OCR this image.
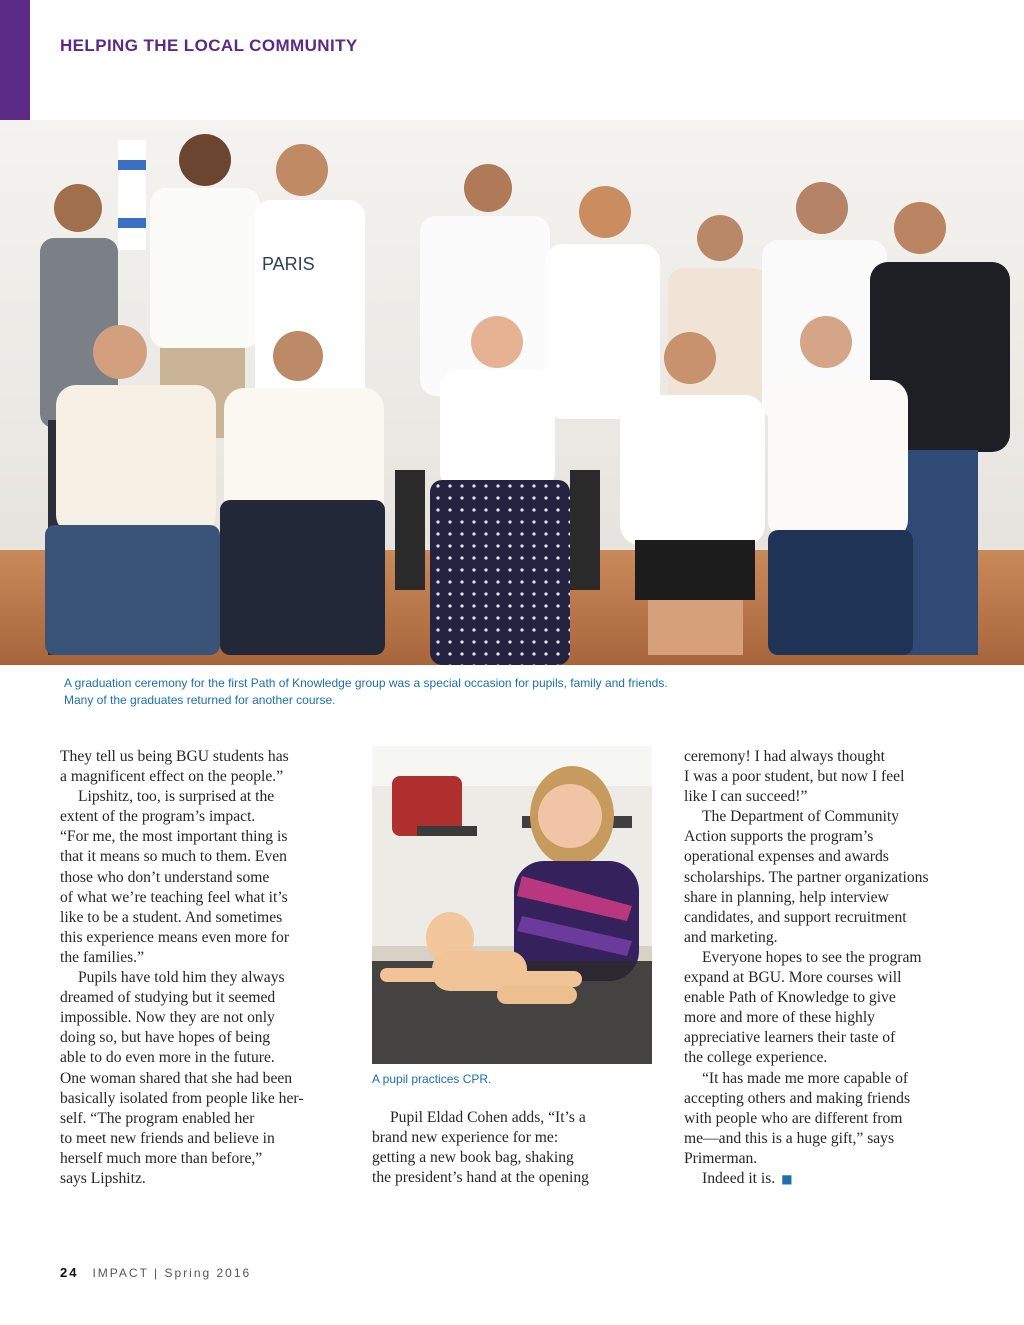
HELPING THE LOCAL COMMUNITY
PARIS

A graduation ceremony for the first Path of Knowledge group was a special occasion for pupils, family and friends.
Many of the graduates returned for another course.

They tell us being BGU students has
a magnificent effect on the people.”

Lipshitz, too, is surprised at the
extent of the program’s impact.

“For me, the most important thing is
that it means so much to them. Even
those who don’t understand some
of what we’re teaching feel what it’s
like to be a student. And sometimes
this experience means even more for
the families.”

Pupils have told him they always
dreamed of studying but it seemed
impossible. Now they are not only
doing so, but have hopes of being
able to do even more in the future.

One woman shared that she had been
basically isolated from people like her-
self. “The program enabled her
to meet new friends and believe in
herself much more than before,”
says Lipshitz.

A pupil practices CPR.

Pupil Eldad Cohen adds, “It’s a
brand new experience for me:
getting a new book bag, shaking
the president’s hand at the opening

ceremony! I had always thought
I was a poor student, but now I feel
like I can succeed!”

The Department of Community
Action supports the program’s
operational expenses and awards
scholarships. The partner organizations
share in planning, help interview
candidates, and support recruitment
and marketing.

Everyone hopes to see the program
expand at BGU. More courses will
enable Path of Knowledge to give
more and more of these highly
appreciative learners their taste of
the college experience.

“It has made me more capable of
accepting others and making friends
with people who are different from
me—and this is a huge gift,” says
Primerman.

Indeed it is. ■

24 IMPACT | Spring 2016
